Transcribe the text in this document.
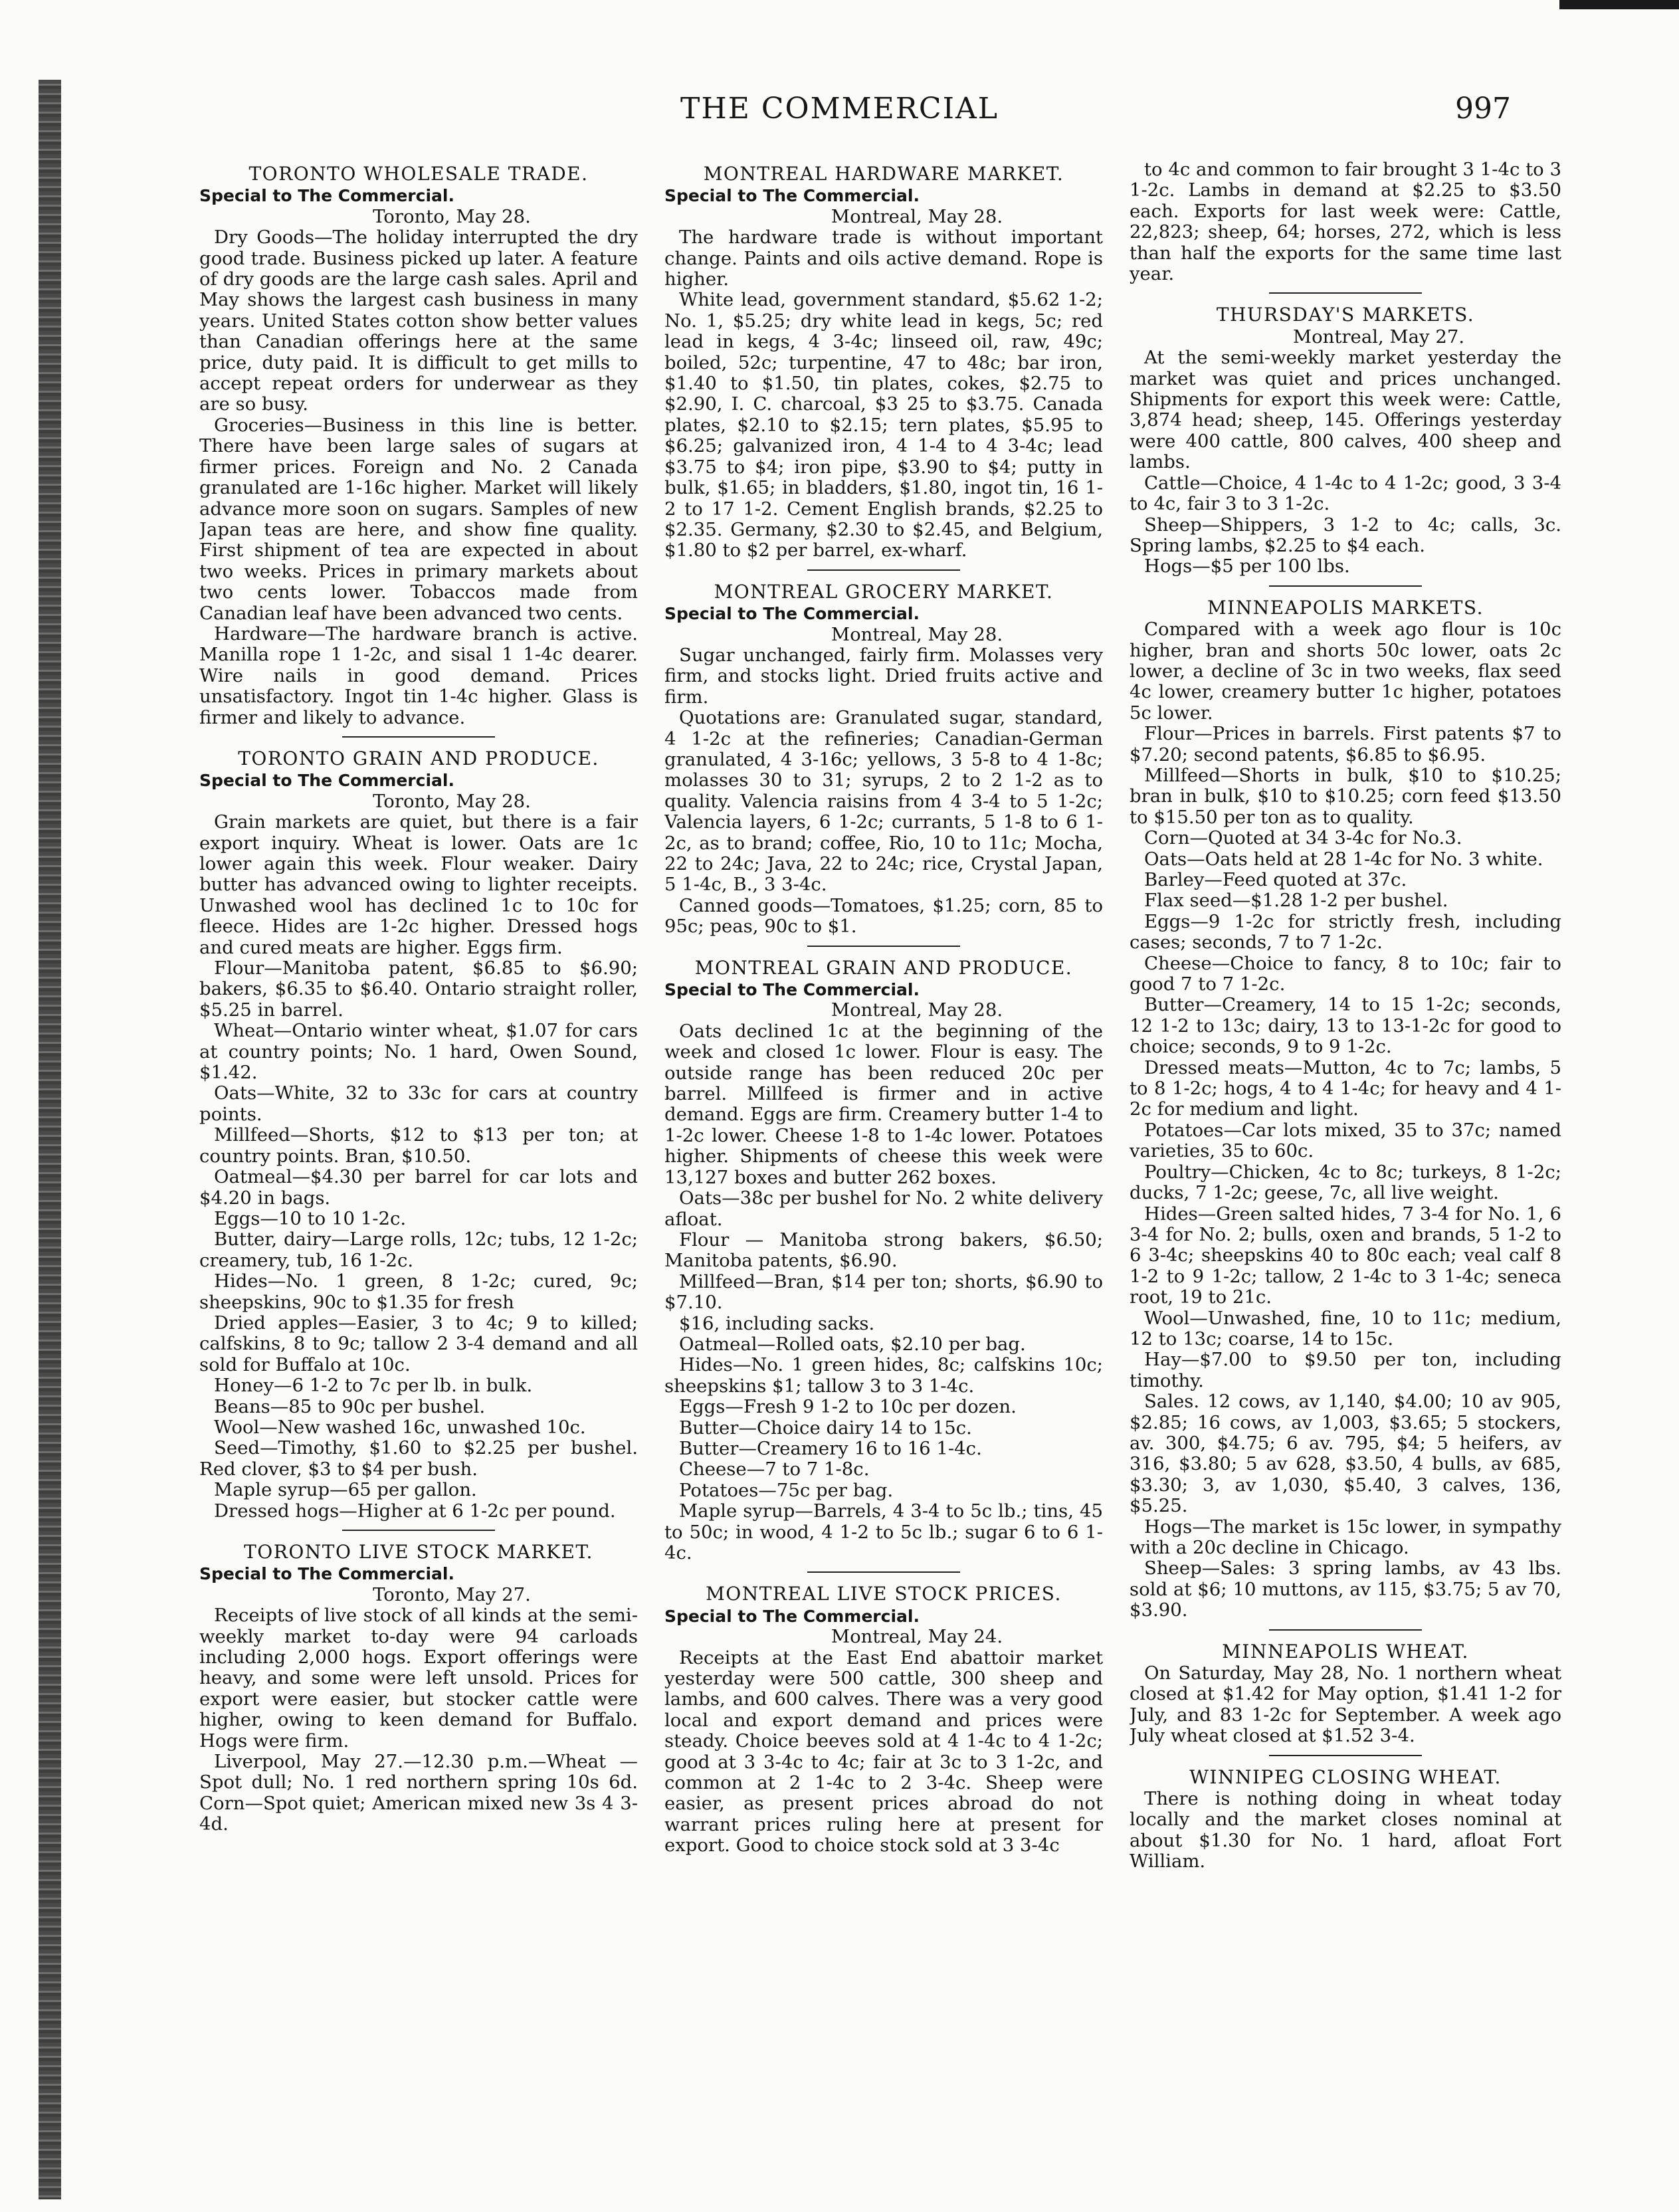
THE COMMERCIAL	997
TORONTO WHOLESALE TRADE.
Special to The Commercial.
Toronto, May 28.

Dry Goods—The holiday interrupted the dry good trade. Business picked up later. A feature of dry goods are the large cash sales. April and May shows the largest cash business in many years. United States cotton show better values than Canadian offerings here at the same price, duty paid. It is difficult to get mills to accept repeat orders for underwear as they are so busy.

Groceries—Business in this line is better. There have been large sales of sugars at firmer prices. Foreign and No. 2 Canada granulated are 1-16c higher. Market will likely advance more soon on sugars. Samples of new Japan teas are here, and show fine quality. First shipment of tea are expected in about two weeks. Prices in primary markets about two cents lower. Tobaccos made from Canadian leaf have been advanced two cents.

Hardware—The hardware branch is active. Manilla rope 1 1-2c, and sisal 1 1-4c dearer. Wire nails in good demand. Prices unsatisfactory. Ingot tin 1-4c higher. Glass is firmer and likely to advance.

TORONTO GRAIN AND PRODUCE.
Special to The Commercial.
Toronto, May 28.

Grain markets are quiet, but there is a fair export inquiry. Wheat is lower. Oats are 1c lower again this week. Flour weaker. Dairy butter has advanced owing to lighter receipts. Unwashed wool has declined 1c to 10c for fleece. Hides are 1-2c higher. Dressed hogs and cured meats are higher. Eggs firm.

Flour—Manitoba patent, $6.85 to $6.90; bakers, $6.35 to $6.40. Ontario straight roller, $5.25 in barrel.

Wheat—Ontario winter wheat, $1.07 for cars at country points; No. 1 hard, Owen Sound, $1.42.

Oats—White, 32 to 33c for cars at country points.

Millfeed—Shorts, $12 to $13 per ton; at country points. Bran, $10.50.

Oatmeal—$4.30 per barrel for car lots and $4.20 in bags.

Eggs—10 to 10 1-2c.

Butter, dairy—Large rolls, 12c; tubs, 12 1-2c; creamery, tub, 16 1-2c.

Hides—No. 1 green, 8 1-2c; cured, 9c; sheepskins, 90c to $1.35 for fresh

Dried apples—Easier, 3 to 4c; 9 to killed; calfskins, 8 to 9c; tallow 2 3-4 demand and all sold for Buffalo at 10c.

Honey—6 1-2 to 7c per lb. in bulk.

Beans—85 to 90c per bushel.

Wool—New washed 16c, unwashed 10c.

Seed—Timothy, $1.60 to $2.25 per bushel. Red clover, $3 to $4 per bush.

Maple syrup—65 per gallon.

Dressed hogs—Higher at 6 1-2c per pound.

TORONTO LIVE STOCK MARKET.
Special to The Commercial.
Toronto, May 27.

Receipts of live stock of all kinds at the semi-weekly market to-day were 94 carloads including 2,000 hogs. Export offerings were heavy, and some were left unsold. Prices for export were easier, but stocker cattle were higher, owing to keen demand for Buffalo. Hogs were firm.

Liverpool, May 27.—12.30 p.m.—Wheat —Spot dull; No. 1 red northern spring 10s 6d. Corn—Spot quiet; American mixed new 3s 4 3-4d.

MONTREAL HARDWARE MARKET.
Special to The Commercial.
Montreal, May 28.

The hardware trade is without important change. Paints and oils active demand. Rope is higher.

White lead, government standard, $5.62 1-2; No. 1, $5.25; dry white lead in kegs, 5c; red lead in kegs, 4 3-4c; linseed oil, raw, 49c; boiled, 52c; turpentine, 47 to 48c; bar iron, $1.40 to $1.50, tin plates, cokes, $2.75 to $2.90, I. C. charcoal, $3 25 to $3.75. Canada plates, $2.10 to $2.15; tern plates, $5.95 to $6.25; galvanized iron, 4 1-4 to 4 3-4c; lead $3.75 to $4; iron pipe, $3.90 to $4; putty in bulk, $1.65; in bladders, $1.80, ingot tin, 16 1-2 to 17 1-2. Cement English brands, $2.25 to $2.35. Germany, $2.30 to $2.45, and Belgium, $1.80 to $2 per barrel, ex-wharf.

MONTREAL GROCERY MARKET.
Special to The Commercial.
Montreal, May 28.

Sugar unchanged, fairly firm. Molasses very firm, and stocks light. Dried fruits active and firm.

Quotations are: Granulated sugar, standard, 4 1-2c at the refineries; Canadian-German granulated, 4 3-16c; yellows, 3 5-8 to 4 1-8c; molasses 30 to 31; syrups, 2 to 2 1-2 as to quality. Valencia raisins from 4 3-4 to 5 1-2c; Valencia layers, 6 1-2c; currants, 5 1-8 to 6 1-2c, as to brand; coffee, Rio, 10 to 11c; Mocha, 22 to 24c; Java, 22 to 24c; rice, Crystal Japan, 5 1-4c, B., 3 3-4c.

Canned goods—Tomatoes, $1.25; corn, 85 to 95c; peas, 90c to $1.

MONTREAL GRAIN AND PRODUCE.
Special to The Commercial.
Montreal, May 28.

Oats declined 1c at the beginning of the week and closed 1c lower. Flour is easy. The outside range has been reduced 20c per barrel. Millfeed is firmer and in active demand. Eggs are firm. Creamery butter 1-4 to 1-2c lower. Cheese 1-8 to 1-4c lower. Potatoes higher. Shipments of cheese this week were 13,127 boxes and butter 262 boxes.

Oats—38c per bushel for No. 2 white delivery afloat.

Flour — Manitoba strong bakers, $6.50; Manitoba patents, $6.90.

Millfeed—Bran, $14 per ton; shorts, $6.90 to $7.10.

$16, including sacks.

Oatmeal—Rolled oats, $2.10 per bag.

Hides—No. 1 green hides, 8c; calfskins 10c; sheepskins $1; tallow 3 to 3 1-4c.

Eggs—Fresh 9 1-2 to 10c per dozen.

Butter—Choice dairy 14 to 15c.

Butter—Creamery 16 to 16 1-4c.

Cheese—7 to 7 1-8c.

Potatoes—75c per bag.

Maple syrup—Barrels, 4 3-4 to 5c lb.; tins, 45 to 50c; in wood, 4 1-2 to 5c lb.; sugar 6 to 6 1-4c.

MONTREAL LIVE STOCK PRICES.
Special to The Commercial.
Montreal, May 24.

Receipts at the East End abattoir market yesterday were 500 cattle, 300 sheep and lambs, and 600 calves. There was a very good local and export demand and prices were steady. Choice beeves sold at 4 1-4c to 4 1-2c; good at 3 3-4c to 4c; fair at 3c to 3 1-2c, and common at 2 1-4c to 2 3-4c. Sheep were easier, as present prices abroad do not warrant prices ruling here at present for export. Good to choice stock sold at 3 3-4c

to 4c and common to fair brought 3 1-4c to 3 1-2c. Lambs in demand at $2.25 to $3.50 each. Exports for last week were: Cattle, 22,823; sheep, 64; horses, 272, which is less than half the exports for the same time last year.

THURSDAY'S MARKETS.
Montreal, May 27.

At the semi-weekly market yesterday the market was quiet and prices unchanged. Shipments for export this week were: Cattle, 3,874 head; sheep, 145. Offerings yesterday were 400 cattle, 800 calves, 400 sheep and lambs.

Cattle—Choice, 4 1-4c to 4 1-2c; good, 3 3-4 to 4c, fair 3 to 3 1-2c.

Sheep—Shippers, 3 1-2 to 4c; calls, 3c. Spring lambs, $2.25 to $4 each.

Hogs—$5 per 100 lbs.

MINNEAPOLIS MARKETS.

Compared with a week ago flour is 10c higher, bran and shorts 50c lower, oats 2c lower, a decline of 3c in two weeks, flax seed 4c lower, creamery butter 1c higher, potatoes 5c lower.

Flour—Prices in barrels. First patents $7 to $7.20; second patents, $6.85 to $6.95.

Millfeed—Shorts in bulk, $10 to $10.25; bran in bulk, $10 to $10.25; corn feed $13.50 to $15.50 per ton as to quality.

Corn—Quoted at 34 3-4c for No.3.

Oats—Oats held at 28 1-4c for No. 3 white.

Barley—Feed quoted at 37c.

Flax seed—$1.28 1-2 per bushel.

Eggs—9 1-2c for strictly fresh, including cases; seconds, 7 to 7 1-2c.

Cheese—Choice to fancy, 8 to 10c; fair to good 7 to 7 1-2c.

Butter—Creamery, 14 to 15 1-2c; seconds, 12 1-2 to 13c; dairy, 13 to 13-1-2c for good to choice; seconds, 9 to 9 1-2c.

Dressed meats—Mutton, 4c to 7c; lambs, 5 to 8 1-2c; hogs, 4 to 4 1-4c; for heavy and 4 1-2c for medium and light.

Potatoes—Car lots mixed, 35 to 37c; named varieties, 35 to 60c.

Poultry—Chicken, 4c to 8c; turkeys, 8 1-2c; ducks, 7 1-2c; geese, 7c, all live weight.

Hides—Green salted hides, 7 3-4 for No. 1, 6 3-4 for No. 2; bulls, oxen and brands, 5 1-2 to 6 3-4c; sheepskins 40 to 80c each; veal calf 8 1-2 to 9 1-2c; tallow, 2 1-4c to 3 1-4c; seneca root, 19 to 21c.

Wool—Unwashed, fine, 10 to 11c; medium, 12 to 13c; coarse, 14 to 15c.

Hay—$7.00 to $9.50 per ton, including timothy.

Sales. 12 cows, av 1,140, $4.00; 10 av 905, $2.85; 16 cows, av 1,003, $3.65; 5 stockers, av. 300, $4.75; 6 av. 795, $4; 5 heifers, av 316, $3.80; 5 av 628, $3.50, 4 bulls, av 685, $3.30; 3, av 1,030, $5.40, 3 calves, 136, $5.25.

Hogs—The market is 15c lower, in sympathy with a 20c decline in Chicago.

Sheep—Sales: 3 spring lambs, av 43 lbs. sold at $6; 10 muttons, av 115, $3.75; 5 av 70, $3.90.

MINNEAPOLIS WHEAT.

On Saturday, May 28, No. 1 northern wheat closed at $1.42 for May option, $1.41 1-2 for July, and 83 1-2c for September. A week ago July wheat closed at $1.52 3-4.

WINNIPEG CLOSING WHEAT.

There is nothing doing in wheat today locally and the market closes nominal at about $1.30 for No. 1 hard, afloat Fort William.
